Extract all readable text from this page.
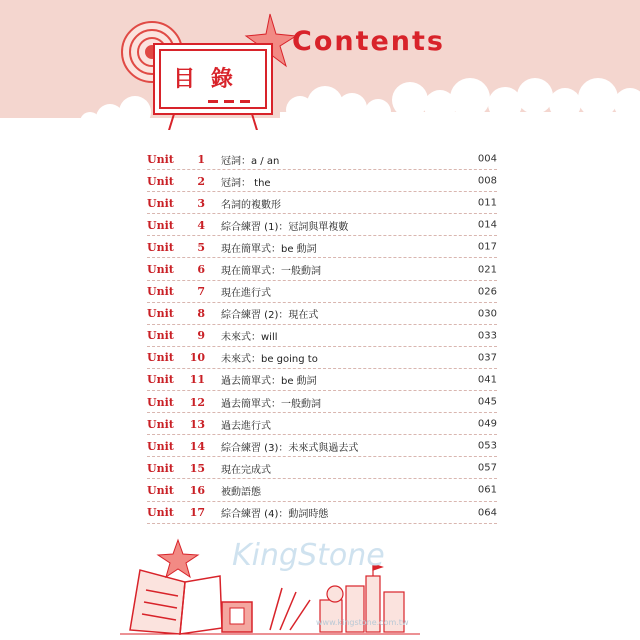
目 錄
Contents
Unit	1 冠詞：a / an	004
Unit	2 冠詞： the	008
Unit	3 名詞的複數形	011
Unit	4 綜合練習 (1)：冠詞與單複數	014
Unit	5 現在簡單式：be 動詞	017
Unit	6 現在簡單式：一般動詞	021
Unit	7 現在進行式	026
Unit	8 綜合練習 (2)：現在式	030
Unit	9 未來式：will	033
Unit	10 未來式：be going to	037
Unit	11 過去簡單式：be 動詞	041
Unit	12 過去簡單式：一般動詞	045
Unit	13 過去進行式	049
Unit	14 綜合練習 (3)：未來式與過去式	053
Unit	15 現在完成式	057
Unit	16 被動語態	061
Unit	17 綜合練習 (4)：動詞時態	064
KingStone
www.kingstone.com.tw
